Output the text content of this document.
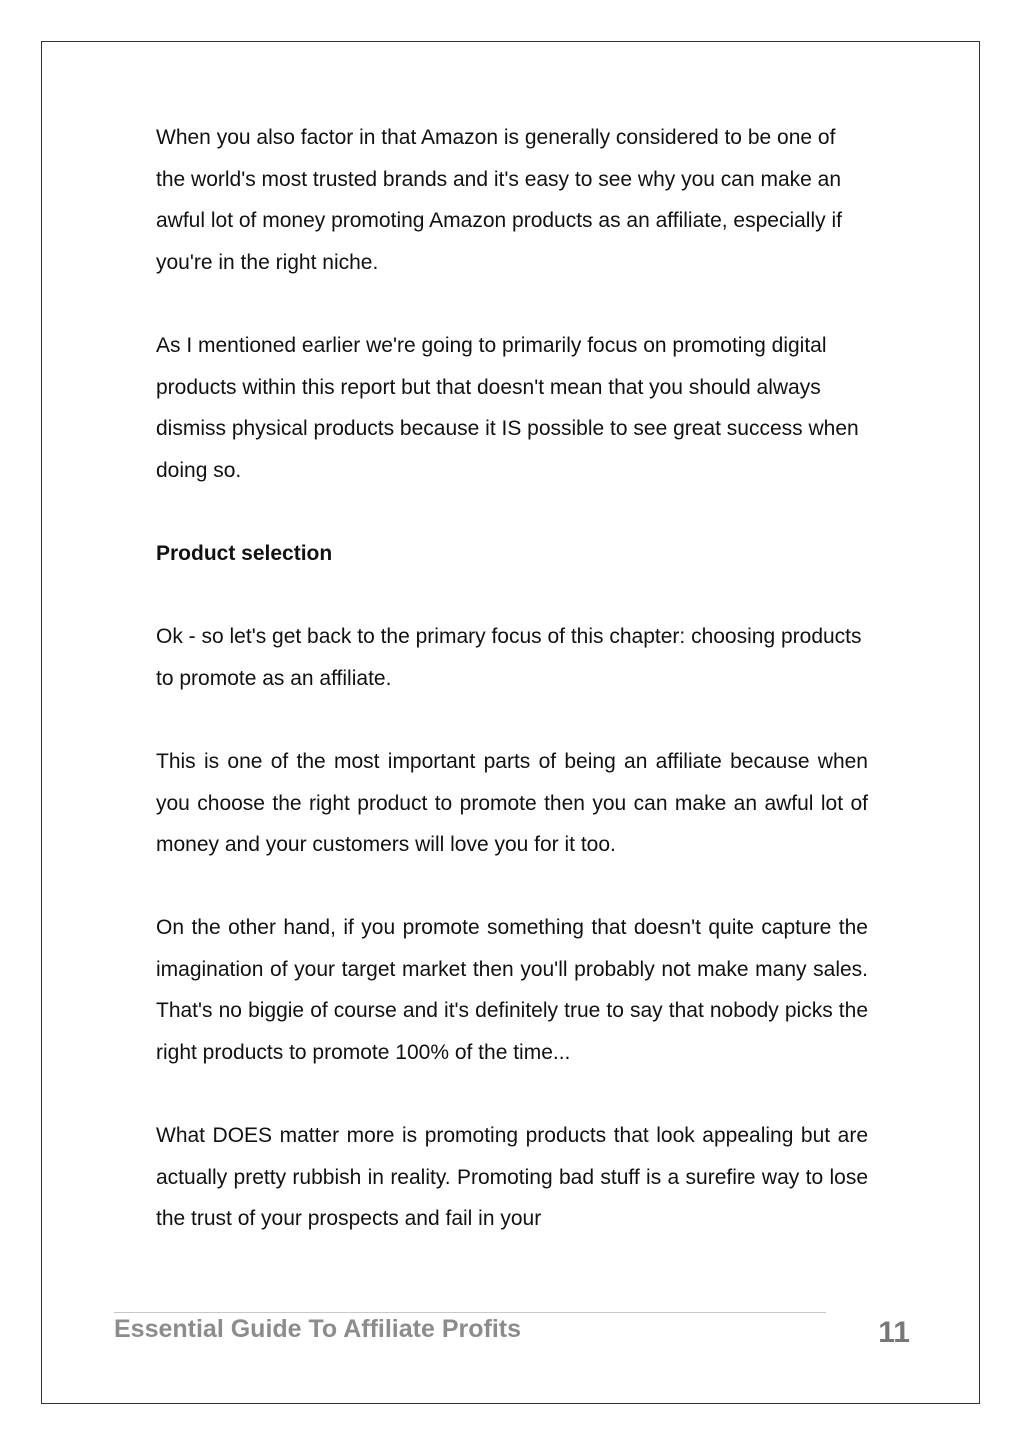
When you also factor in that Amazon is generally considered to be one of the world's most trusted brands and it's easy to see why you can make an awful lot of money promoting Amazon products as an affiliate, especially if you're in the right niche.

As I mentioned earlier we're going to primarily focus on promoting digital products within this report but that doesn't mean that you should always dismiss physical products because it IS possible to see great success when doing so.

Product selection

Ok - so let's get back to the primary focus of this chapter: choosing products to promote as an affiliate.

This is one of the most important parts of being an affiliate because when you choose the right product to promote then you can make an awful lot of money and your customers will love you for it too.

On the other hand, if you promote something that doesn't quite capture the imagination of your target market then you'll probably not make many sales. That's no biggie of course and it's definitely true to say that nobody picks the right products to promote 100% of the time...

What DOES matter more is promoting products that look appealing but are actually pretty rubbish in reality. Promoting bad stuff is a surefire way to lose the trust of your prospects and fail in your

Essential Guide To Affiliate Profits	11
